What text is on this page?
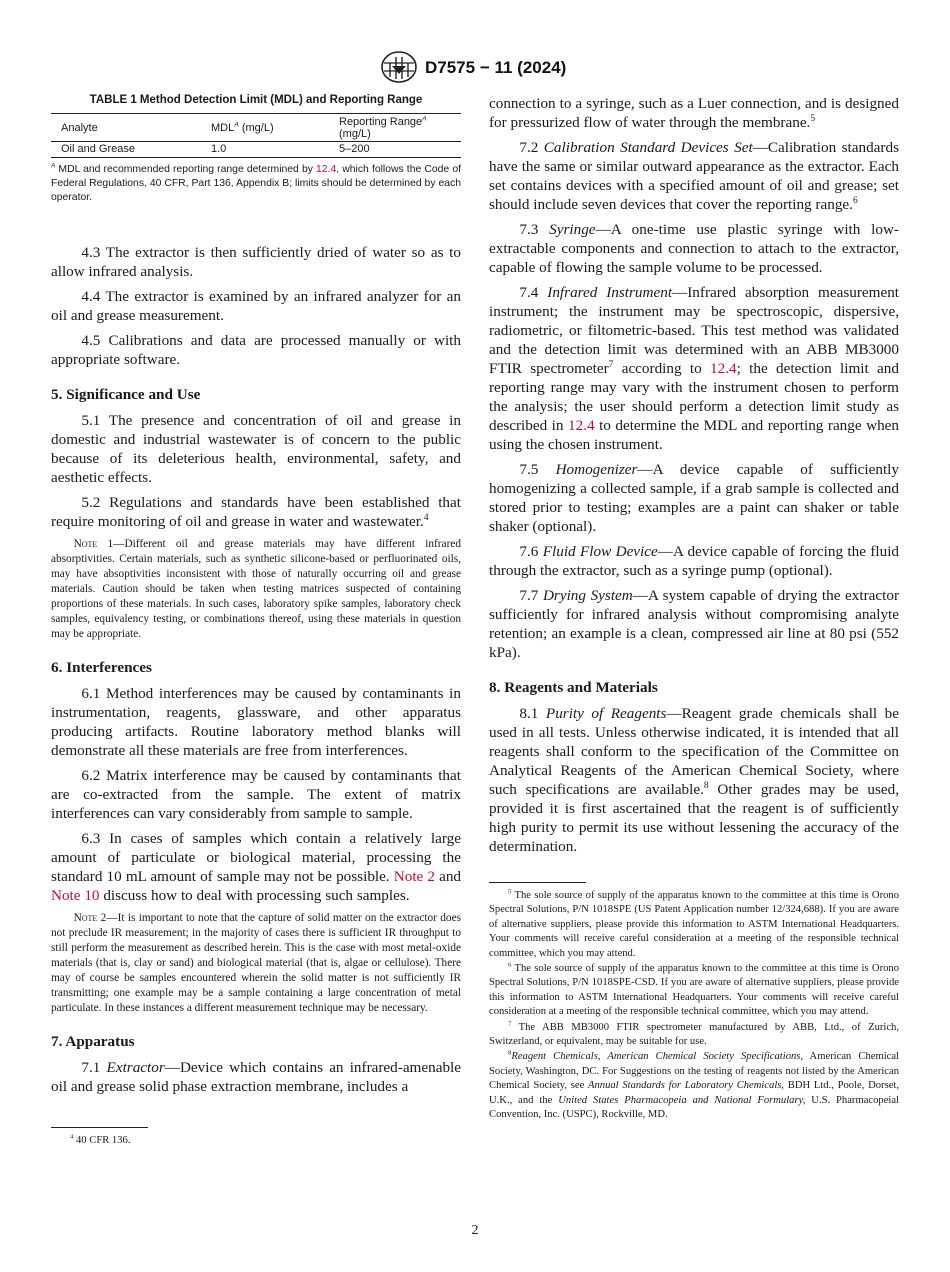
D7575 − 11 (2024)

TABLE 1 Method Detection Limit (MDL) and Reporting Range

Analyte	$MDL^A$ (mg/L)	Reporting Range$^A$ (mg/L)
Oil and Grease	1.0	5–200

$^A$ MDL and recommended reporting range determined by 12.4, which follows the Code of Federal Regulations, 40 CFR, Part 136, Appendix B; limits should be determined by each operator.

4.3 The extractor is then sufficiently dried of water so as to allow infrared analysis.

4.4 The extractor is examined by an infrared analyzer for an oil and grease measurement.

4.5 Calibrations and data are processed manually or with appropriate software.

5. Significance and Use

5.1 The presence and concentration of oil and grease in domestic and industrial wastewater is of concern to the public because of its deleterious health, environmental, safety, and aesthetic effects.

5.2 Regulations and standards have been established that require monitoring of oil and grease in water and wastewater.$^4$

Note 1—Different oil and grease materials may have different infrared absorptivities. Certain materials, such as synthetic silicone-based or perfluorinated oils, may have absoptivities inconsistent with those of naturally occurring oil and grease materials. Caution should be taken when testing matrices suspected of containing proportions of these materials. In such cases, laboratory spike samples, laboratory check samples, equivalency testing, or combinations thereof, using these materials in question may be appropriate.

6. Interferences

6.1 Method interferences may be caused by contaminants in instrumentation, reagents, glassware, and other apparatus producing artifacts. Routine laboratory method blanks will demonstrate all these materials are free from interferences.

6.2 Matrix interference may be caused by contaminants that are co-extracted from the sample. The extent of matrix interferences can vary considerably from sample to sample.

6.3 In cases of samples which contain a relatively large amount of particulate or biological material, processing the standard 10 mL amount of sample may not be possible. Note 2 and Note 10 discuss how to deal with processing such samples.

Note 2—It is important to note that the capture of solid matter on the extractor does not preclude IR measurement; in the majority of cases there is sufficient IR throughput to still perform the measurement as described herein. This is the case with most metal-oxide materials (that is, clay or sand) and biological material (that is, algae or cellulose). There may of course be samples encountered wherein the solid matter is not sufficiently IR transmitting; one example may be a sample containing a large concentration of metal particulate. In these instances a different measurement technique may be necessary.

7. Apparatus

7.1 Extractor—Device which contains an infrared-amenable oil and grease solid phase extraction membrane, includes a

$^4$ 40 CFR 136.

connection to a syringe, such as a Luer connection, and is designed for pressurized flow of water through the membrane.$^5$

7.2 Calibration Standard Devices Set—Calibration standards have the same or similar outward appearance as the extractor. Each set contains devices with a specified amount of oil and grease; set should include seven devices that cover the reporting range.$^6$

7.3 Syringe—A one-time use plastic syringe with low-extractable components and connection to attach to the extractor, capable of flowing the sample volume to be processed.

7.4 Infrared Instrument—Infrared absorption measurement instrument; the instrument may be spectroscopic, dispersive, radiometric, or filtometric-based. This test method was validated and the detection limit was determined with an ABB MB3000 FTIR spectrometer$^7$ according to 12.4; the detection limit and reporting range may vary with the instrument chosen to perform the analysis; the user should perform a detection limit study as described in 12.4 to determine the MDL and reporting range when using the chosen instrument.

7.5 Homogenizer—A device capable of sufficiently homogenizing a collected sample, if a grab sample is collected and stored prior to testing; examples are a paint can shaker or table shaker (optional).

7.6 Fluid Flow Device—A device capable of forcing the fluid through the extractor, such as a syringe pump (optional).

7.7 Drying System—A system capable of drying the extractor sufficiently for infrared analysis without compromising analyte retention; an example is a clean, compressed air line at 80 psi (552 kPa).

8. Reagents and Materials

8.1 Purity of Reagents—Reagent grade chemicals shall be used in all tests. Unless otherwise indicated, it is intended that all reagents shall conform to the specification of the Committee on Analytical Reagents of the American Chemical Society, where such specifications are available.$^8$ Other grades may be used, provided it is first ascertained that the reagent is of sufficiently high purity to permit its use without lessening the accuracy of the determination.

$^5$ The sole source of supply of the apparatus known to the committee at this time is Orono Spectral Solutions, P/N 1018SPE (US Patent Application number 12/324,688). If you are aware of alternative suppliers, please provide this information to ASTM International Headquarters. Your comments will receive careful consideration at a meeting of the responsible technical committee, which you may attend.

$^6$ The sole source of supply of the apparatus known to the committee at this time is Orono Spectral Solutions, P/N 1018SPE-CSD. If you are aware of alternative suppliers, please provide this information to ASTM International Headquarters. Your comments will receive careful consideration at a meeting of the responsible technical committee, which you may attend.

$^7$ The ABB MB3000 FTIR spectrometer manufactured by ABB, Ltd., of Zurich, Switzerland, or equivalent, may be suitable for use.

$^8$Reagent Chemicals, American Chemical Society Specifications, American Chemical Society, Washington, DC. For Suggestions on the testing of reagents not listed by the American Chemical Society, see Annual Standards for Laboratory Chemicals, BDH Ltd., Poole, Dorset, U.K., and the United States Pharmacopeia and National Formulary, U.S. Pharmacopeial Convention, Inc. (USPC), Rockville, MD.

2
